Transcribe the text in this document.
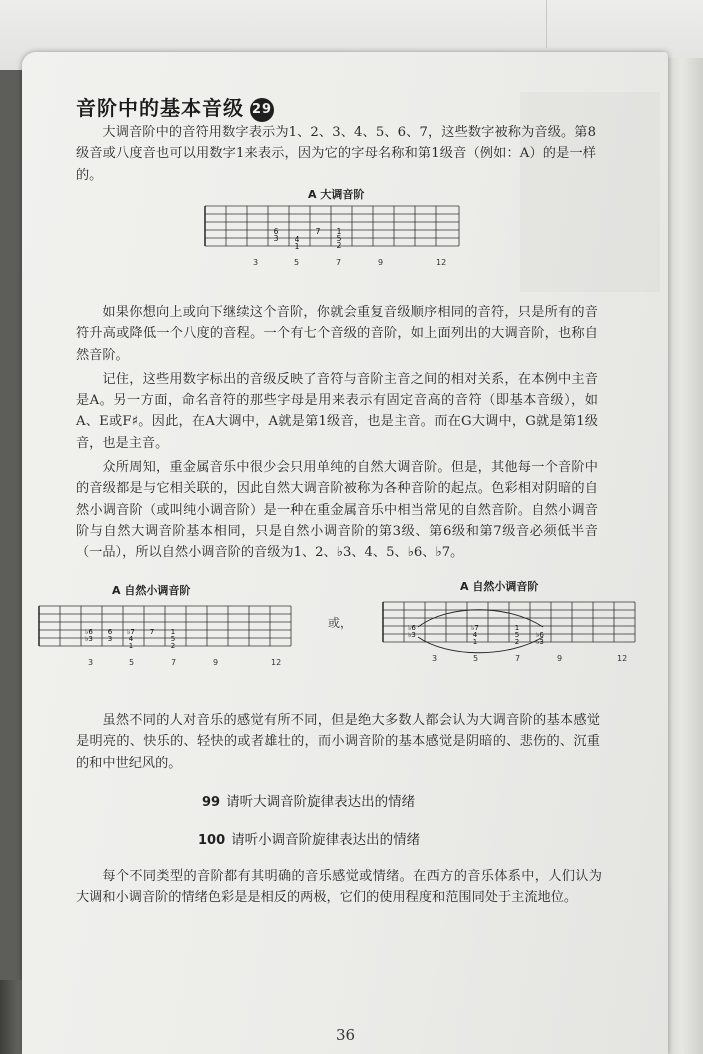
音阶中的基本音级 29

大调音阶中的音符用数字表示为1、2、3、4、5、6、7，这些数字被称为音级。第8级音或八度音也可以用数字1来表示，因为它的字母名称和第1级音（例如：A）的是一样的。

A 大调音阶
6
3 4
1
7 1
5
2
3	5	7	9	12

如果你想向上或向下继续这个音阶，你就会重复音级顺序相同的音符，只是所有的音符升高或降低一个八度的音程。一个有七个音级的音阶，如上面列出的大调音阶，也称自然音阶。

记住，这些用数字标出的音级反映了音符与音阶主音之间的相对关系，在本例中主音是A。另一方面，命名音符的那些字母是用来表示有固定音高的音符（即基本音级），如A、E或F♯。因此，在A大调中，A就是第1级音，也是主音。而在G大调中，G就是第1级音，也是主音。

众所周知，重金属音乐中很少会只用单纯的自然大调音阶。但是，其他每一个音阶中的音级都是与它相关联的，因此自然大调音阶被称为各种音阶的起点。色彩相对阴暗的自然小调音阶（或叫纯小调音阶）是一种在重金属音乐中相当常见的自然音阶。自然小调音阶与自然大调音阶基本相同，只是自然小调音阶的第3级、第6级和第7级音必须低半音（一品），所以自然小调音阶的音级为1、2、♭3、4、5、♭6、♭7。

A 自然小调音阶	A 自然小调音阶
♭6
♭3
6
3
♭7
4
1
7 1
5
2
3	5	7	9	12
或，	♭6
♭3
♭7
4
1
1
5
2
♭6
♭3
3	5	7	9	12

虽然不同的人对音乐的感觉有所不同，但是绝大多数人都会认为大调音阶的基本感觉是明亮的、快乐的、轻快的或者雄壮的，而小调音阶的基本感觉是阴暗的、悲伤的、沉重的和中世纪风的。

99 请听大调音阶旋律表达出的情绪
100 请听小调音阶旋律表达出的情绪

每个不同类型的音阶都有其明确的音乐感觉或情绪。在西方的音乐体系中，人们认为大调和小调音阶的情绪色彩是是相反的两极，它们的使用程度和范围同处于主流地位。

36
